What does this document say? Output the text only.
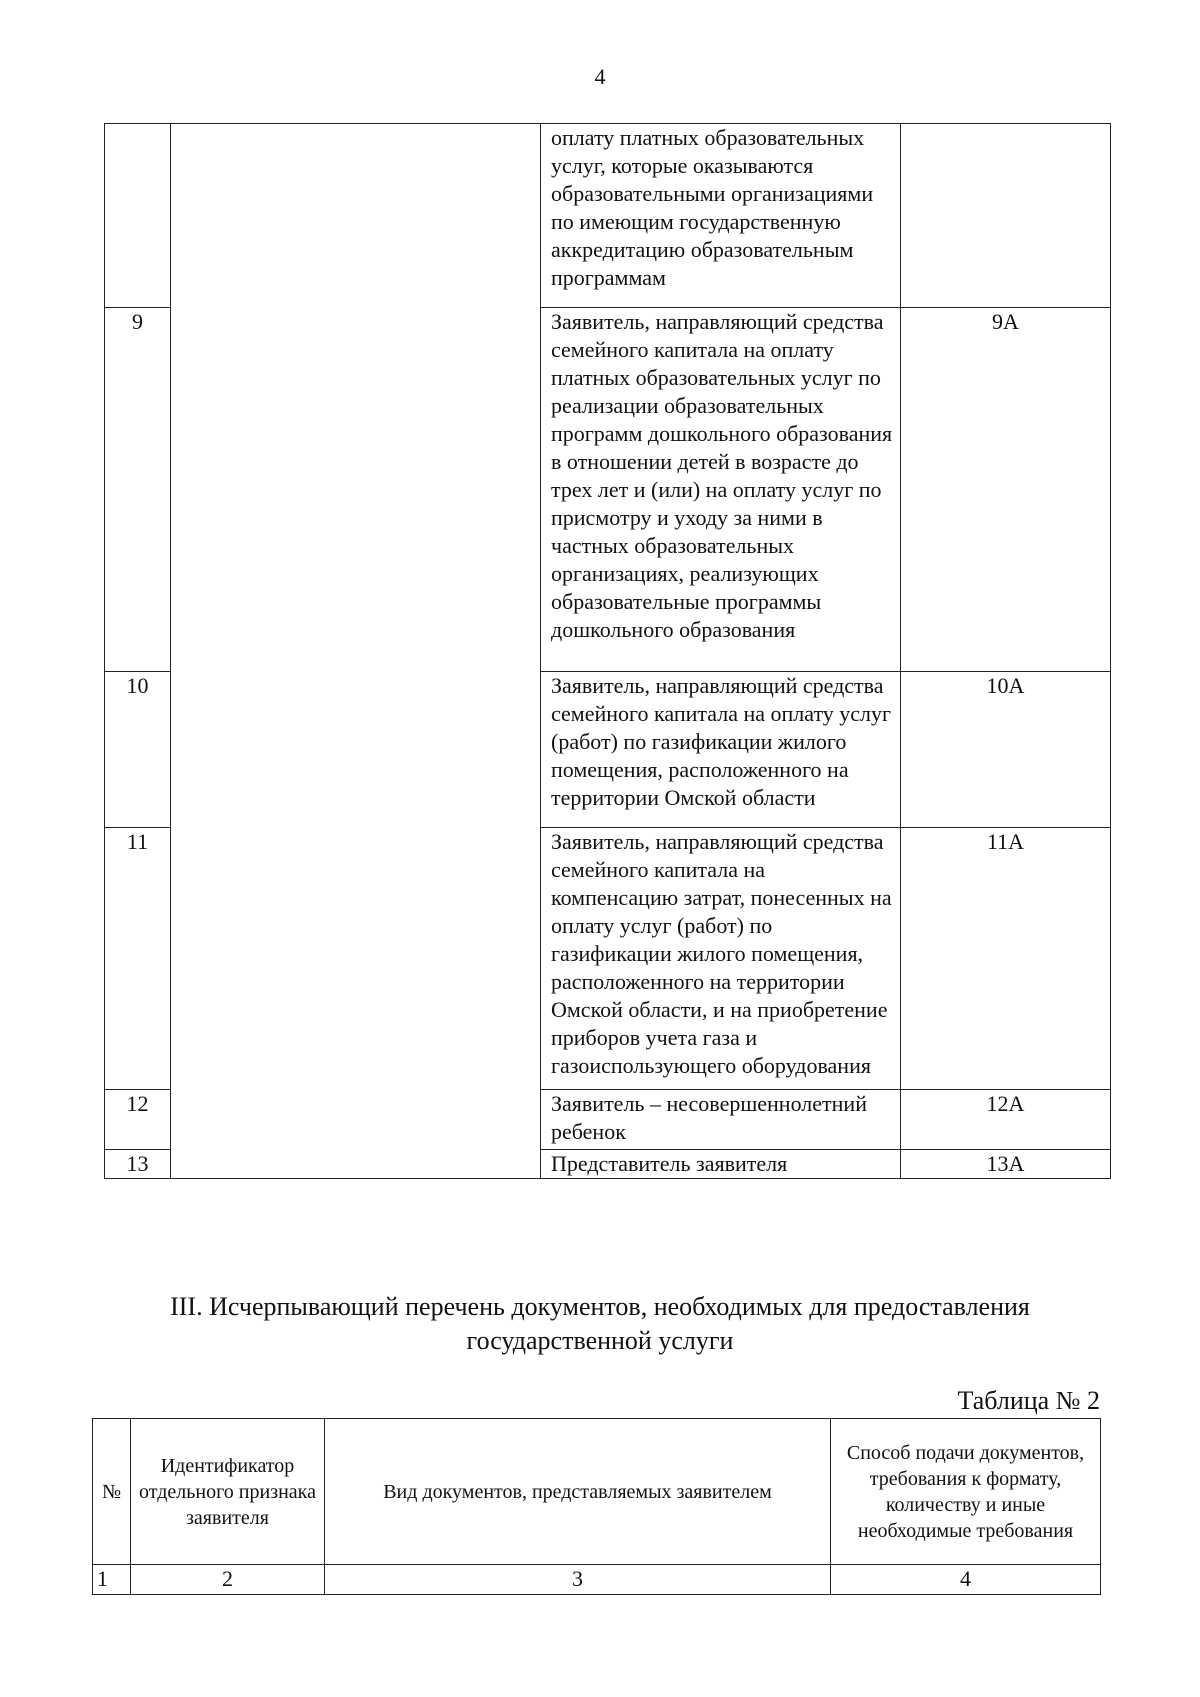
4
		оплату платных образовательных услуг, которые оказываются образовательными организациями по имеющим государственную аккредитацию образовательным программам	
9		Заявитель, направляющий средства семейного капитала на оплату платных образовательных услуг по реализации образовательных программ дошкольного образования в отношении детей в возрасте до трех лет и (или) на оплату услуг по присмотру и уходу за ними в частных образовательных организациях, реализующих образовательные программы дошкольного образования	9А
10		Заявитель, направляющий средства семейного капитала на оплату услуг (работ) по газификации жилого помещения, расположенного на территории Омской области	10А
11		Заявитель, направляющий средства семейного капитала на компенсацию затрат, понесенных на оплату услуг (работ) по газификации жилого помещения, расположенного на территории Омской области, и на приобретение приборов учета газа и газоиспользующего оборудования	11А
12		Заявитель – несовершеннолетний ребенок	12А
13		Представитель заявителя	13А
III. Исчерпывающий перечень документов, необходимых для предоставления
государственной услуги
Таблица № 2
№	Идентификатор отдельного признака заявителя	Вид документов, представляемых заявителем	Способ подачи документов, требования к формату, количеству и иные необходимые требования
1	2	3	4
